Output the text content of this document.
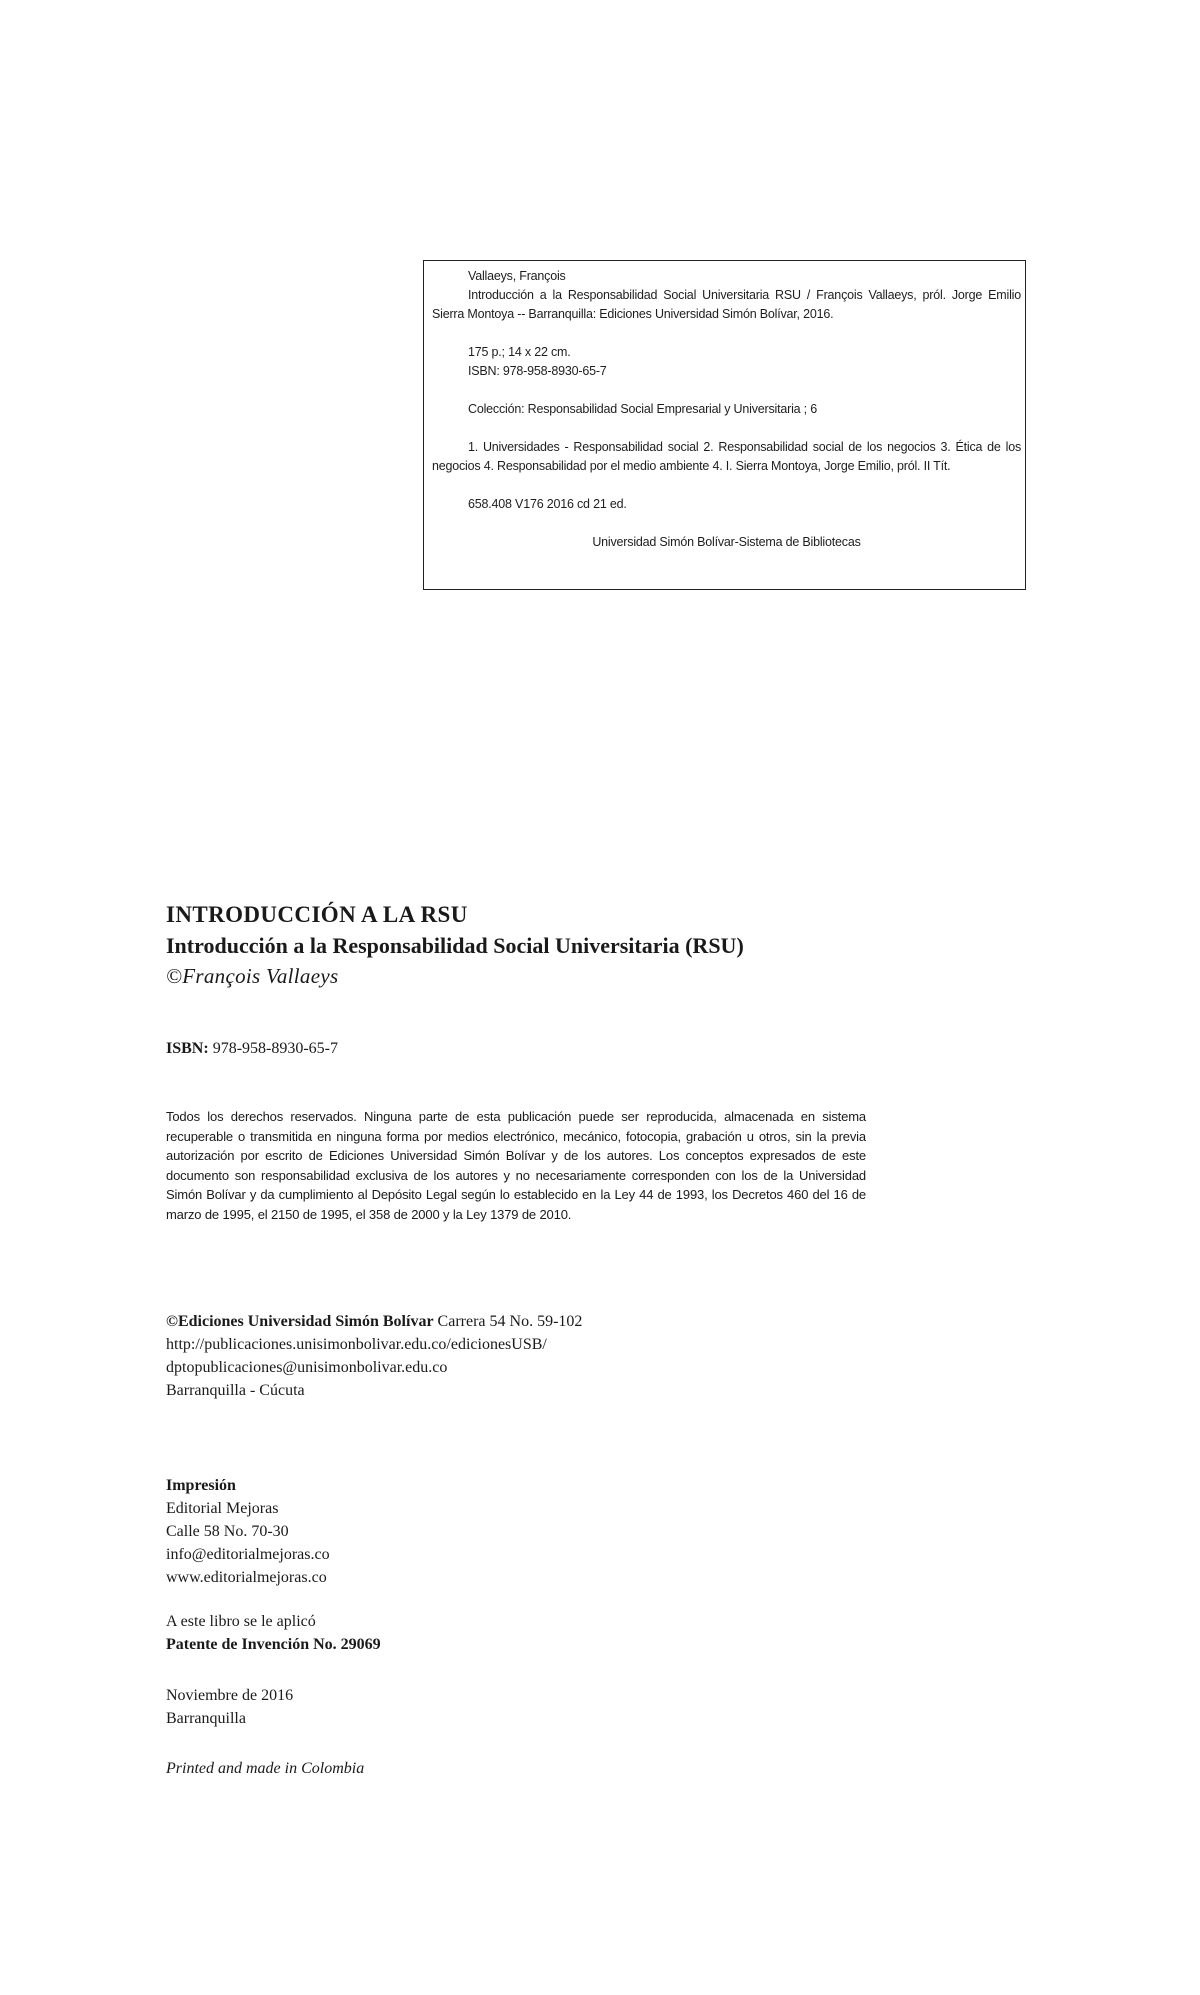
Vallaeys, François

Introducción a la Responsabilidad Social Universitaria RSU / François Vallaeys, pról. Jorge Emilio Sierra Montoya -- Barranquilla: Ediciones Universidad Simón Bolívar, 2016.

175 p.; 14 x 22 cm.

ISBN: 978-958-8930-65-7

Colección: Responsabilidad Social Empresarial y Universitaria ; 6

1. Universidades - Responsabilidad social 2. Responsabilidad social de los negocios 3. Ética de los negocios 4. Responsabilidad por el medio ambiente 4. I. Sierra Montoya, Jorge Emilio, pról. II Tít.

658.408 V176 2016 cd 21 ed.

Universidad Simón Bolívar-Sistema de Bibliotecas

INTRODUCCIÓN A LA RSU

Introducción a la Responsabilidad Social Universitaria (RSU)

©François Vallaeys

ISBN: 978-958-8930-65-7

Todos los derechos reservados. Ninguna parte de esta publicación puede ser reproducida, almacenada en sistema recuperable o transmitida en ninguna forma por medios electrónico, mecánico, fotocopia, grabación u otros, sin la previa autorización por escrito de Ediciones Universidad Simón Bolívar y de los autores. Los conceptos expresados de este documento son responsabilidad exclusiva de los autores y no necesariamente corresponden con los de la Universidad Simón Bolívar y da cumplimiento al Depósito Legal según lo establecido en la Ley 44 de 1993, los Decretos 460 del 16 de marzo de 1995, el 2150 de 1995, el 358 de 2000 y la Ley 1379 de 2010.

©Ediciones Universidad Simón Bolívar Carrera 54 No. 59-102

http://publicaciones.unisimonbolivar.edu.co/edicionesUSB/

dptopublicaciones@unisimonbolivar.edu.co

Barranquilla - Cúcuta

Impresión

Editorial Mejoras

Calle 58 No. 70-30

info@editorialmejoras.co

www.editorialmejoras.co

A este libro se le aplicó

Patente de Invención No. 29069

Noviembre de 2016

Barranquilla

Printed and made in Colombia
